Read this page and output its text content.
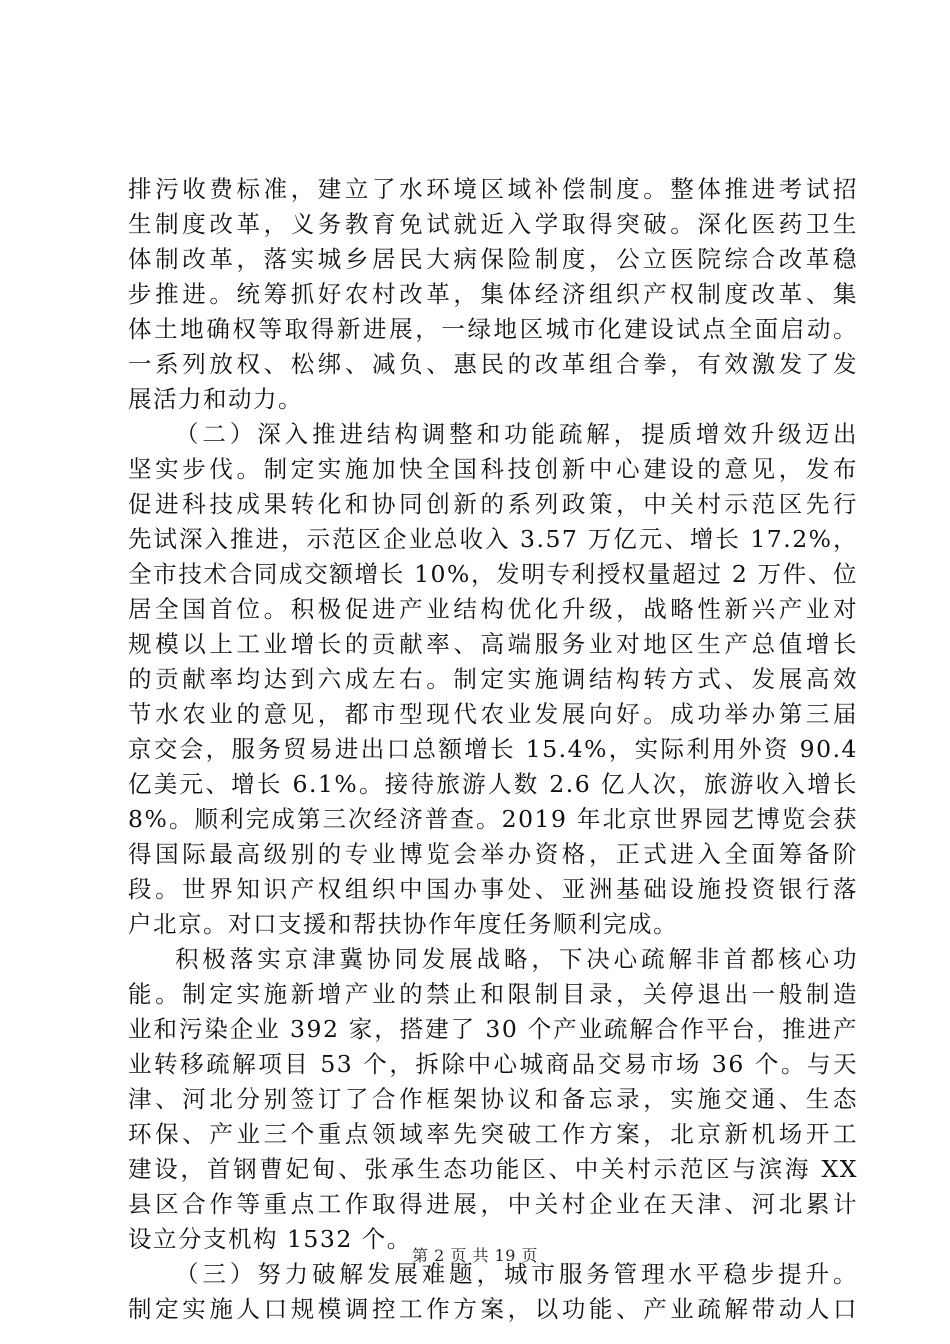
排污收费标准，建立了水环境区域补偿制度。整体推进考试招
生制度改革，义务教育免试就近入学取得突破。深化医药卫生
体制改革，落实城乡居民大病保险制度，公立医院综合改革稳
步推进。统筹抓好农村改革，集体经济组织产权制度改革、集
体土地确权等取得新进展，一绿地区城市化建设试点全面启动。
一系列放权、松绑、减负、惠民的改革组合拳，有效激发了发
展活力和动力。
（二）深入推进结构调整和功能疏解，提质增效升级迈出
坚实步伐。制定实施加快全国科技创新中心建设的意见，发布
促进科技成果转化和协同创新的系列政策，中关村示范区先行
先试深入推进，示范区企业总收入 3.57 万亿元、增长 17.2%，
全市技术合同成交额增长 10%，发明专利授权量超过 2 万件、位
居全国首位。积极促进产业结构优化升级，战略性新兴产业对
规模以上工业增长的贡献率、高端服务业对地区生产总值增长
的贡献率均达到六成左右。制定实施调结构转方式、发展高效
节水农业的意见，都市型现代农业发展向好。成功举办第三届
京交会，服务贸易进出口总额增长 15.4%，实际利用外资 90.4
亿美元、增长 6.1%。接待旅游人数 2.6 亿人次，旅游收入增长
8%。顺利完成第三次经济普查。2019 年北京世界园艺博览会获
得国际最高级别的专业博览会举办资格，正式进入全面筹备阶
段。世界知识产权组织中国办事处、亚洲基础设施投资银行落
户北京。对口支援和帮扶协作年度任务顺利完成。
积极落实京津冀协同发展战略，下决心疏解非首都核心功
能。制定实施新增产业的禁止和限制目录，关停退出一般制造
业和污染企业 392 家，搭建了 30 个产业疏解合作平台，推进产
业转移疏解项目 53 个，拆除中心城商品交易市场 36 个。与天
津、河北分别签订了合作框架协议和备忘录，实施交通、生态
环保、产业三个重点领域率先突破工作方案，北京新机场开工
建设，首钢曹妃甸、张承生态功能区、中关村示范区与滨海 XX
县区合作等重点工作取得进展，中关村企业在天津、河北累计
设立分支机构 1532 个。
（三）努力破解发展难题，城市服务管理水平稳步提升。
制定实施人口规模调控工作方案，以功能、产业疏解带动人口
第 2 页 共 19 页
